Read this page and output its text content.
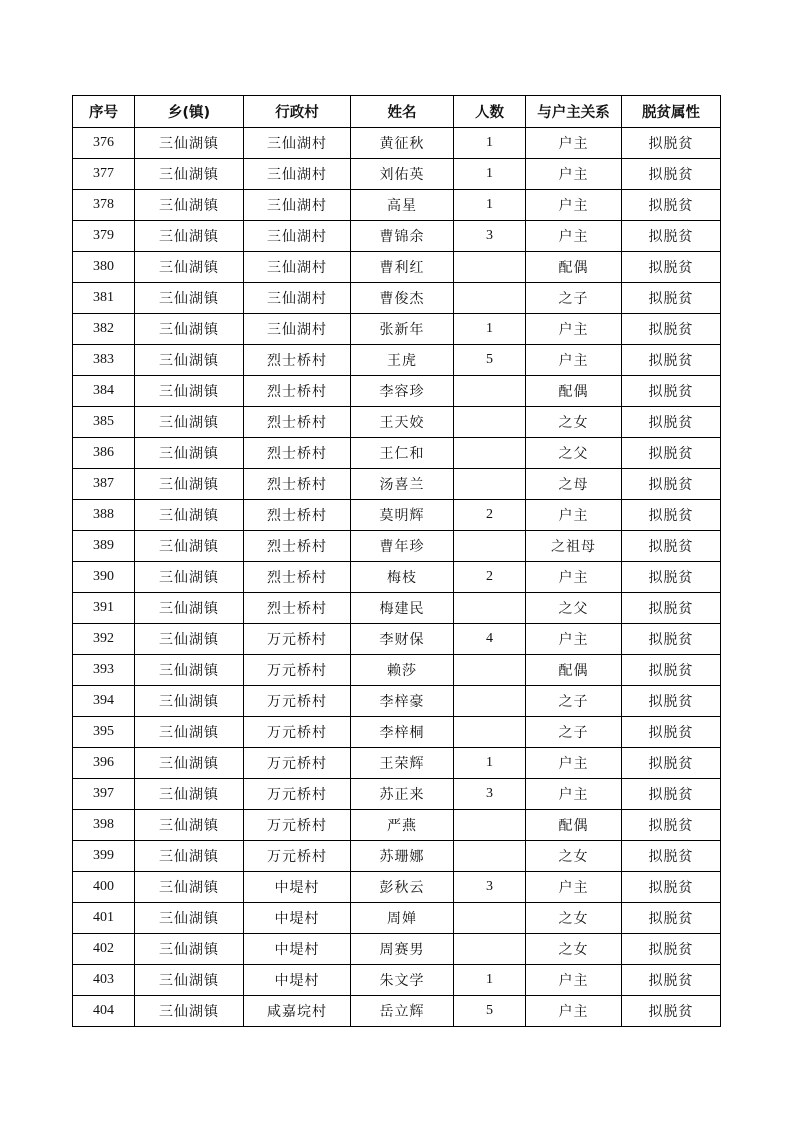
序号	乡(镇)	行政村	姓名	人数	与户主关系	脱贫属性
376	三仙湖镇	三仙湖村	黄征秋	1	户主	拟脱贫
377	三仙湖镇	三仙湖村	刘佑英	1	户主	拟脱贫
378	三仙湖镇	三仙湖村	高星	1	户主	拟脱贫
379	三仙湖镇	三仙湖村	曹锦余	3	户主	拟脱贫
380	三仙湖镇	三仙湖村	曹利红		配偶	拟脱贫
381	三仙湖镇	三仙湖村	曹俊杰		之子	拟脱贫
382	三仙湖镇	三仙湖村	张新年	1	户主	拟脱贫
383	三仙湖镇	烈士桥村	王虎	5	户主	拟脱贫
384	三仙湖镇	烈士桥村	李容珍		配偶	拟脱贫
385	三仙湖镇	烈士桥村	王天姣		之女	拟脱贫
386	三仙湖镇	烈士桥村	王仁和		之父	拟脱贫
387	三仙湖镇	烈士桥村	汤喜兰		之母	拟脱贫
388	三仙湖镇	烈士桥村	莫明辉	2	户主	拟脱贫
389	三仙湖镇	烈士桥村	曹年珍		之祖母	拟脱贫
390	三仙湖镇	烈士桥村	梅枝	2	户主	拟脱贫
391	三仙湖镇	烈士桥村	梅建民		之父	拟脱贫
392	三仙湖镇	万元桥村	李财保	4	户主	拟脱贫
393	三仙湖镇	万元桥村	赖莎		配偶	拟脱贫
394	三仙湖镇	万元桥村	李梓豪		之子	拟脱贫
395	三仙湖镇	万元桥村	李梓桐		之子	拟脱贫
396	三仙湖镇	万元桥村	王荣辉	1	户主	拟脱贫
397	三仙湖镇	万元桥村	苏正来	3	户主	拟脱贫
398	三仙湖镇	万元桥村	严燕		配偶	拟脱贫
399	三仙湖镇	万元桥村	苏珊娜		之女	拟脱贫
400	三仙湖镇	中堤村	彭秋云	3	户主	拟脱贫
401	三仙湖镇	中堤村	周婵		之女	拟脱贫
402	三仙湖镇	中堤村	周赛男		之女	拟脱贫
403	三仙湖镇	中堤村	朱文学	1	户主	拟脱贫
404	三仙湖镇	咸嘉垸村	岳立辉	5	户主	拟脱贫
